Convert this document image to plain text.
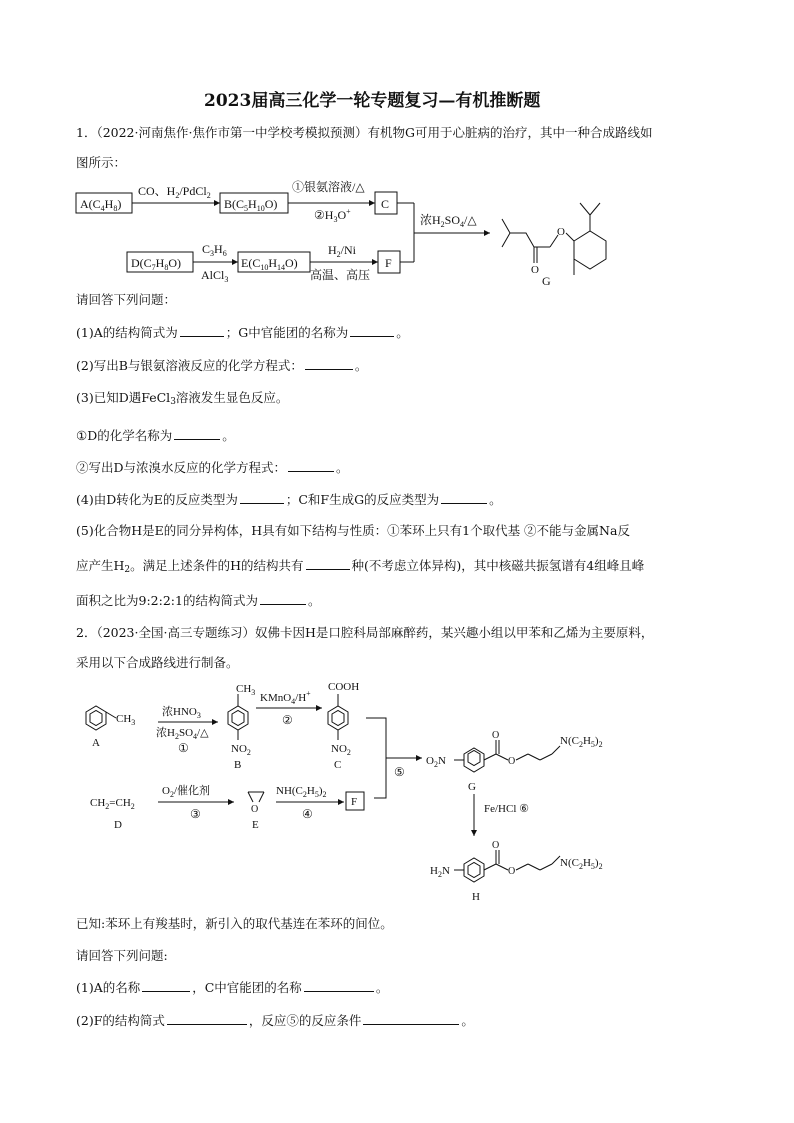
2023届高三化学一轮专题复习—有机推断题
1．（2022·河南焦作·焦作市第一中学校考模拟预测）有机物G可用于心脏病的治疗，其中一种合成路线如
图所示：
$A(C_4H_8)$
CO、$H_2/PdCl_2$
$B(C_5H_{10}O)$
①银氨溶液/△
$②H_3O^+$
C
$D(C_7H_8O)$
$C_3H_6$
AlCl$_3$
$E(C_{10}H_{14}O)$
$H_2/Ni$
高温、高压
F
浓$H_2SO_4/\triangle$
O
O
G
请回答下列问题：
(1)A的结构简式为	；G中官能团的名称为	。
(2)写出B与银氨溶液反应的化学方程式：	。
(3)已知D遇FeCl3溶液发生显色反应。
①D的化学名称为	。
②写出D与浓溴水反应的化学方程式：	。
(4)由D转化为E的反应类型为	；C和F生成G的反应类型为	。
(5)化合物H是E的同分异构体，H具有如下结构与性质：①苯环上只有1个取代基 ②不能与金属Na反
应产生H2。满足上述条件的H的结构共有	种(不考虑立体异构)，其中核磁共振氢谱有4组峰且峰
面积之比为9:2:2:1的结构简式为	。
2．（2023·全国·高三专题练习）奴佛卡因H是口腔科局部麻醉药，某兴趣小组以甲苯和乙烯为主要原料，
采用以下合成路线进行制备。
$CH_3$
A
浓$HNO_3$
浓$H_2SO_4/\triangle$
①
$CH_3$
$NO_2$
B
KMnO$_4$/H+
②
COOH
$NO_2$
C	⑤
$O_2N$
O
O
$N(C_2H_5)_2$
G
$CH_2=CH_2$
D
$O_2/$催化剂
③	O
E
$NH(C_2H_5)_2$
④
F
Fe/HCl ⑥
$H_2N$
O
O
$N(C_2H_5)_2$
H
已知:苯环上有羧基时，新引入的取代基连在苯环的间位。
请回答下列问题:
(1)A的名称	，C中官能团的名称	。
(2)F的结构简式	，反应⑤的反应条件	。
